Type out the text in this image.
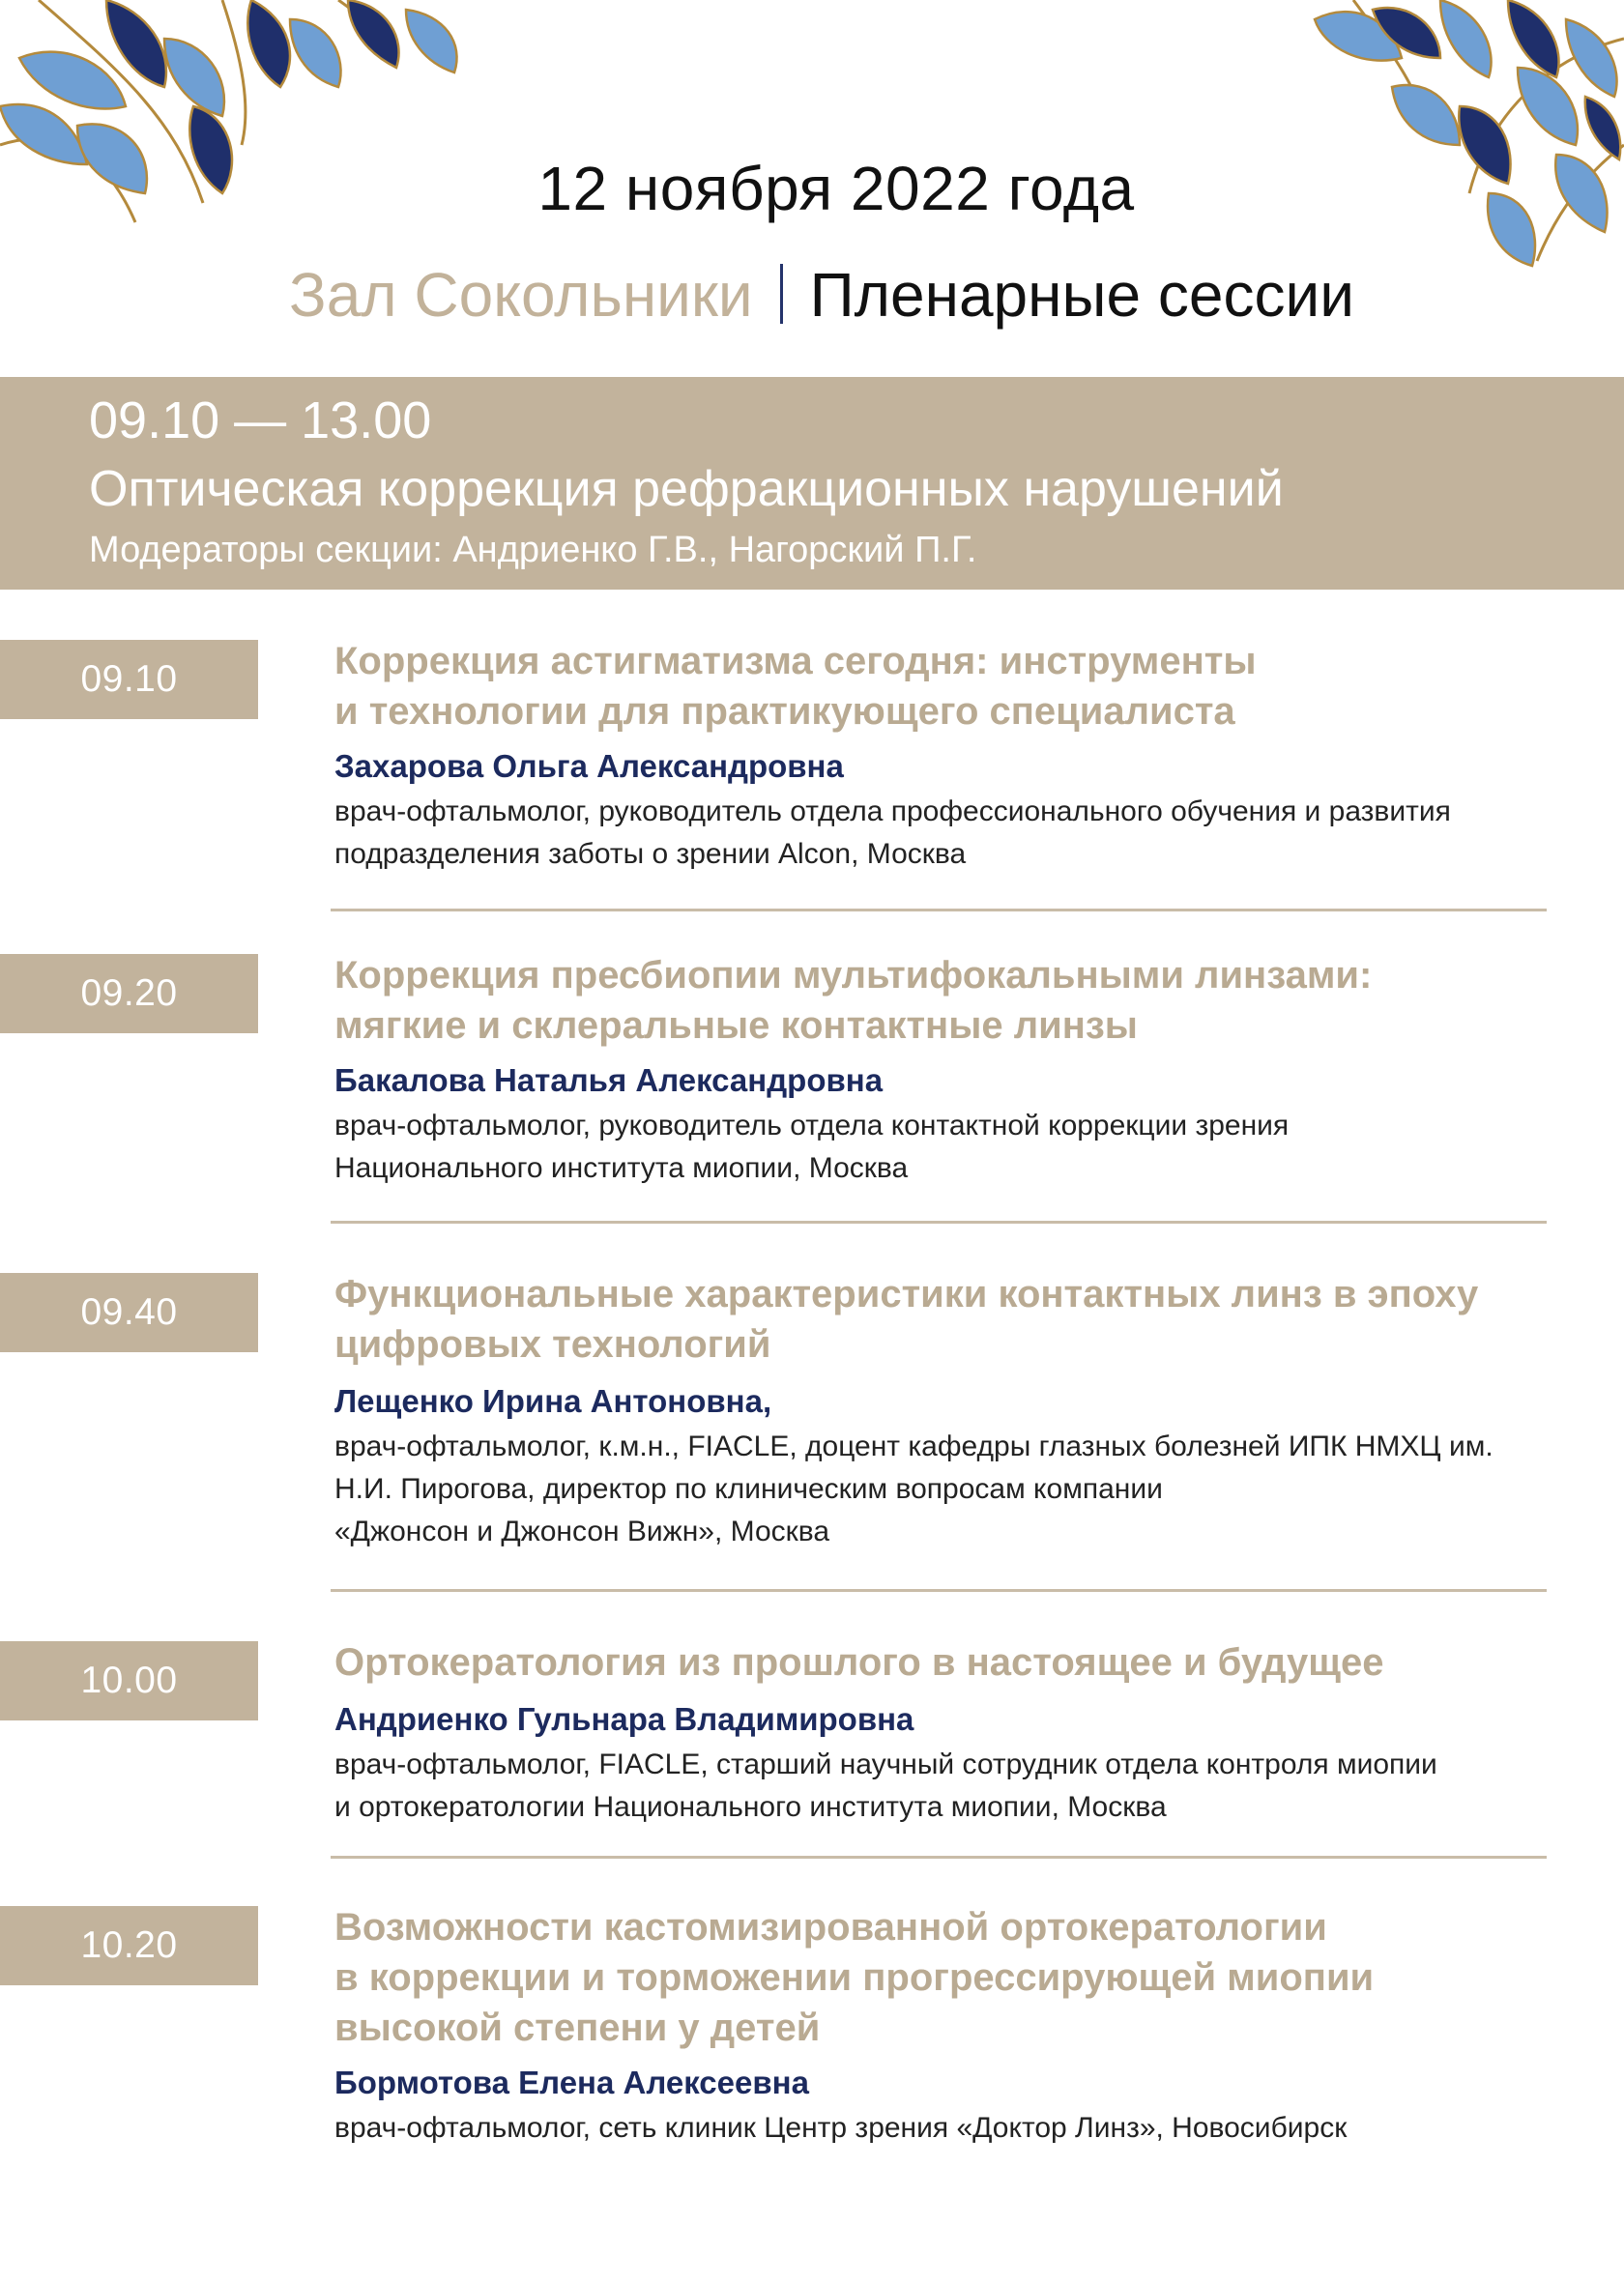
12 ноября 2022 года
Зал Сокольники Пленарные сессии
09.10 — 13.00
Оптическая коррекция рефракционных нарушений
Модераторы секции: Андриенко Г.В., Нагорский П.Г.
09.10	Коррекция астигматизма сегодня: инструменты
и технологии для практикующего специалиста
Захарова Ольга Александровна
врач-офтальмолог, руководитель отдела профессионального обучения и развития
подразделения заботы о зрении Alcon, Москва
09.20	Коррекция пресбиопии мультифокальными линзами:
мягкие и склеральные контактные линзы
Бакалова Наталья Александровна
врач-офтальмолог, руководитель отдела контактной коррекции зрения
Национального института миопии, Москва
09.40	Функциональные характеристики контактных линз в эпоху
цифровых технологий
Лещенко Ирина Антоновна,
врач-офтальмолог, к.м.н., FIACLE, доцент кафедры глазных болезней ИПК НМХЦ им.
Н.И. Пирогова, директор по клиническим вопросам компании
«Джонсон и Джонсон Вижн», Москва
10.00	Ортокератология из прошлого в настоящее и будущее
Андриенко Гульнара Владимировна
врач-офтальмолог, FIACLE, старший научный сотрудник отдела контроля миопии
и ортокератологии Национального института миопии, Москва
10.20	Возможности кастомизированной ортокератологии
в коррекции и торможении прогрессирующей миопии
высокой степени у детей
Бормотова Елена Алексеевна
врач-офтальмолог, сеть клиник Центр зрения «Доктор Линз», Новосибирск
